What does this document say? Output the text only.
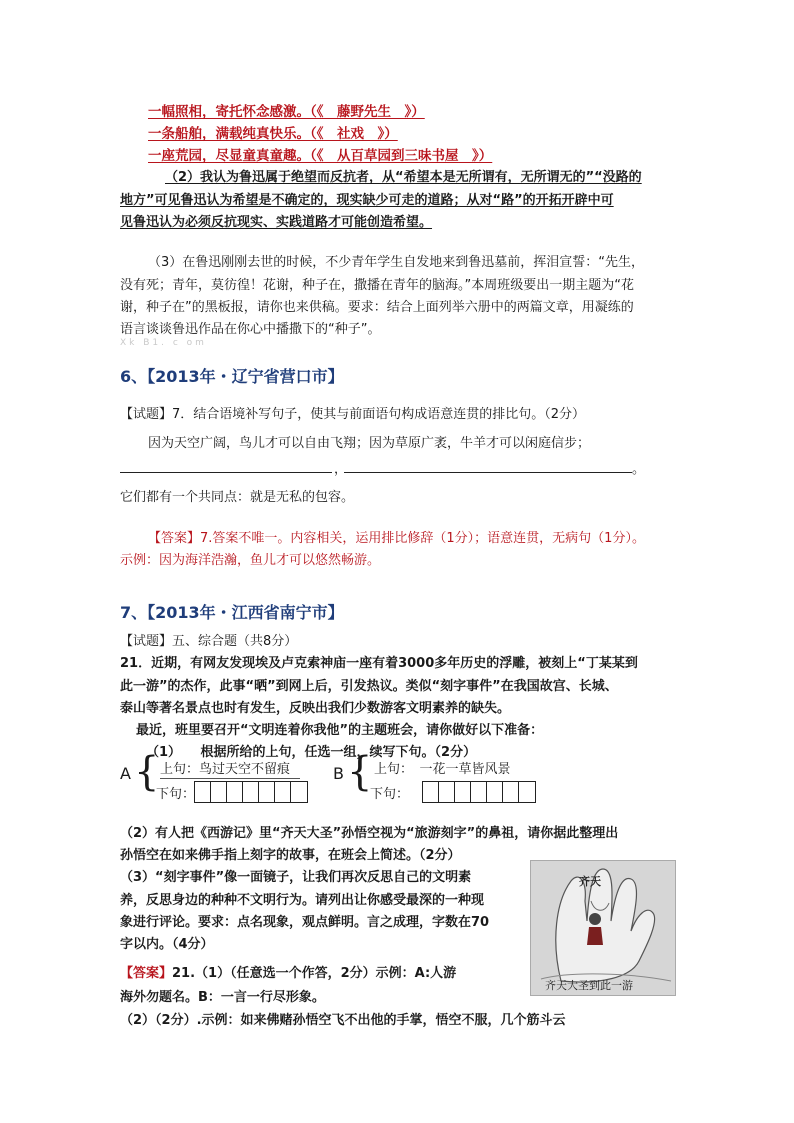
一幅照相，寄托怀念感激。（《　藤野先生　》）
一条船舶，满载纯真快乐。（《　社戏　》）
一座荒园，尽显童真童趣。（《　从百草园到三味书屋　》）
（2）我认为鲁迅属于绝望而反抗者，从“希望本是无所谓有，无所谓无的”“没路的
地方”可见鲁迅认为希望是不确定的，现实缺少可走的道路；从对“路”的开拓开辟中可
见鲁迅认为必须反抗现实、实践道路才可能创造希望。
（3）在鲁迅刚刚去世的时候，不少青年学生自发地来到鲁迅墓前，挥泪宣誓：“先生，
没有死；青年，莫彷徨！花谢，种子在，撒播在青年的脑海。”本周班级要出一期主题为“花
谢，种子在”的黑板报，请你也来供稿。要求：结合上面列举六册中的两篇文章，用凝练的
语言谈谈鲁迅作品在你心中播撒下的“种子”。
Xk B1. c om
6、【2013年・辽宁省营口市】
【试题】7．结合语境补写句子，使其与前面语句构成语意连贯的排比句。（2分）
因为天空广阔，鸟儿才可以自由飞翔；因为草原广袤，牛羊才可以闲庭信步；
，	。
它们都有一个共同点：就是无私的包容。
【答案】7.答案不唯一。内容相关，运用排比修辞（1分）；语意连贯，无病句（1分）。
示例：因为海洋浩瀚，鱼儿才可以悠然畅游。
7、【2013年・江西省南宁市】
【试题】五、综合题（共8分）
21．近期，有网友发现埃及卢克索神庙一座有着3000多年历史的浮雕，被刻上“丁某某到
此一游”的杰作，此事“晒”到网上后，引发热议。类似“刻字事件”在我国故宫、长城、
泰山等著名景点也时有发生，反映出我们少数游客文明素养的缺失。
最近，班里要召开“文明连着你我他”的主题班会，请你做好以下准备：
（1）　　根据所给的上句，任选一组，续写下句。（2分）
A { 上句：鸟过天空不留痕
下句：
B { 上句：　一花一草皆风景
下句：
（2）有人把《西游记》里“齐天大圣”孙悟空视为“旅游刻字”的鼻祖，请你据此整理出
孙悟空在如来佛手指上刻字的故事，在班会上简述。（2分）
（3）“刻字事件”像一面镜子，让我们再次反思自己的文明素
养，反思身边的种种不文明行为。请列出让你感受最深的一种现
象进行评论。要求：点名现象，观点鲜明。言之成理，字数在70
字以内。（4分）
齐天
齐天大圣到此一游
【答案】21.（1）（任意选一个作答，2分）示例：A:人游
海外勿题名。B：一言一行尽形象。
（2）（2分）.示例：如来佛赌孙悟空飞不出他的手掌，悟空不服，几个筋斗云
